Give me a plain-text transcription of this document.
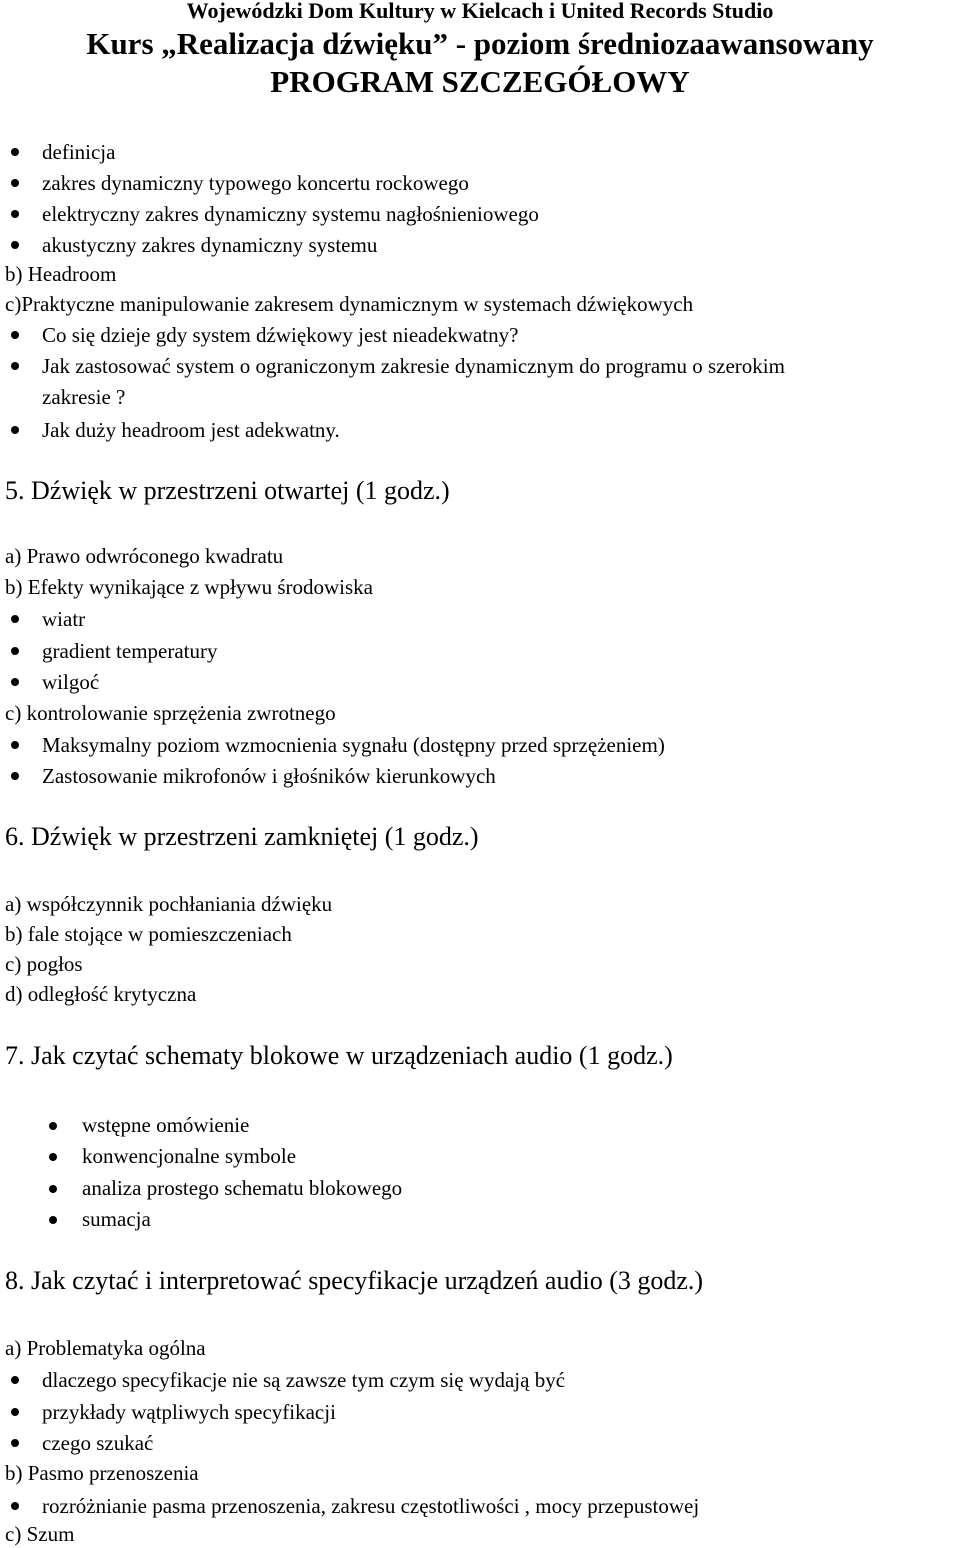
Wojewódzki Dom Kultury w Kielcach i United Records Studio
Kurs „Realizacja dźwięku” - poziom średniozaawansowany
PROGRAM SZCZEGÓŁOWY
definicja
zakres dynamiczny typowego koncertu rockowego
elektryczny zakres dynamiczny systemu nagłośnieniowego
akustyczny zakres dynamiczny systemu
b) Headroom
c)Praktyczne manipulowanie zakresem dynamicznym w systemach dźwiękowych
Co się dzieje gdy system dźwiękowy jest nieadekwatny?
Jak zastosować system o ograniczonym zakresie dynamicznym do programu o szerokim
zakresie ?
Jak duży headroom jest adekwatny.
5. Dźwięk w przestrzeni otwartej (1 godz.)
a) Prawo odwróconego kwadratu
b) Efekty wynikające z wpływu środowiska
wiatr
gradient temperatury
wilgoć
c) kontrolowanie sprzężenia zwrotnego
Maksymalny poziom wzmocnienia sygnału (dostępny przed sprzężeniem)
Zastosowanie mikrofonów i głośników kierunkowych
6. Dźwięk w przestrzeni zamkniętej (1 godz.)
a) współczynnik pochłaniania dźwięku
b) fale stojące w pomieszczeniach
c) pogłos
d) odległość krytyczna
7. Jak czytać schematy blokowe w urządzeniach audio (1 godz.)
wstępne omówienie
konwencjonalne symbole
analiza prostego schematu blokowego
sumacja
8. Jak czytać i interpretować specyfikacje urządzeń audio (3 godz.)
a) Problematyka ogólna
dlaczego specyfikacje nie są zawsze tym czym się wydają być
przykłady wątpliwych specyfikacji
czego szukać
b) Pasmo przenoszenia
rozróżnianie pasma przenoszenia, zakresu częstotliwości , mocy przepustowej
c) Szum
